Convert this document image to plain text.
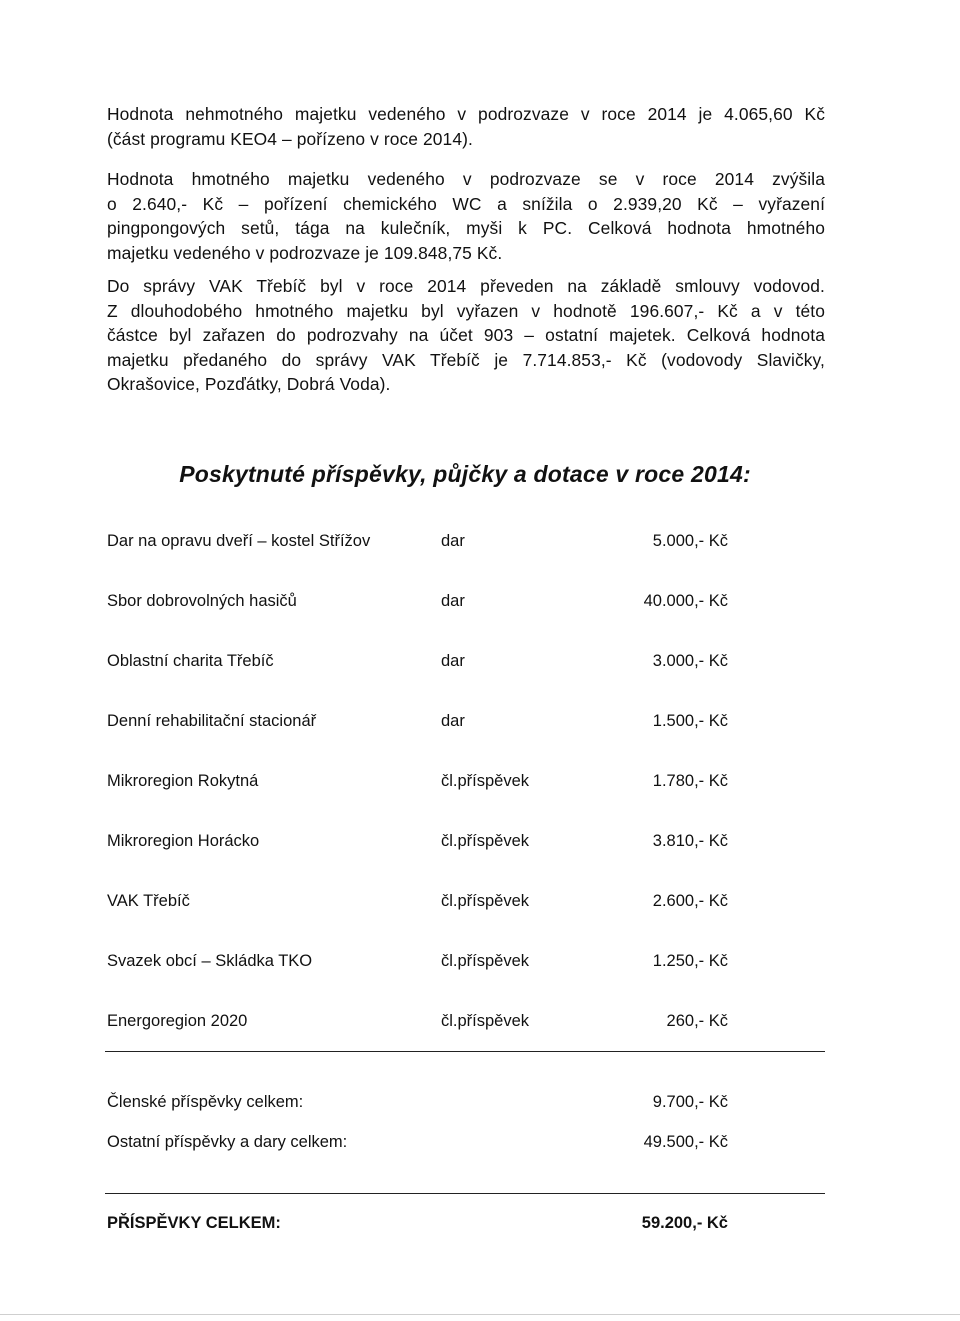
Hodnota nehmotného majetku vedeného v podrozvaze v roce 2014 je 4.065,60 Kč
(část programu KEO4 – pořízeno v roce 2014).
Hodnota hmotného majetku vedeného v podrozvaze se v roce 2014 zvýšila
o 2.640,- Kč – pořízení chemického WC a snížila o 2.939,20 Kč – vyřazení
pingpongových setů, tága na kulečník, myši k PC. Celková hodnota hmotného
majetku vedeného v podrozvaze je 109.848,75 Kč.
Do správy VAK Třebíč byl v roce 2014 převeden na základě smlouvy vodovod.
Z dlouhodobého hmotného majetku byl vyřazen v hodnotě 196.607,- Kč a v této
částce byl zařazen do podrozvahy na účet 903 – ostatní majetek. Celková hodnota
majetku předaného do správy VAK Třebíč je 7.714.853,- Kč (vodovody Slavičky,
Okrašovice, Pozďátky, Dobrá Voda).
Poskytnuté příspěvky, půjčky a dotace v roce 2014:
Dar na opravu dveří – kostel Střížov	dar	5.000,- Kč
Sbor dobrovolných hasičů	dar	40.000,- Kč
Oblastní charita Třebíč	dar	3.000,- Kč
Denní rehabilitační stacionář	dar	1.500,- Kč
Mikroregion Rokytná	čl.příspěvek	1.780,- Kč
Mikroregion Horácko	čl.příspěvek	3.810,- Kč
VAK Třebíč	čl.příspěvek	2.600,- Kč
Svazek obcí – Skládka TKO	čl.příspěvek	1.250,- Kč
Energoregion 2020	čl.příspěvek	260,- Kč
Členské příspěvky celkem:	9.700,- Kč
Ostatní příspěvky a dary celkem:	49.500,- Kč
PŘÍSPĚVKY CELKEM:	59.200,- Kč
